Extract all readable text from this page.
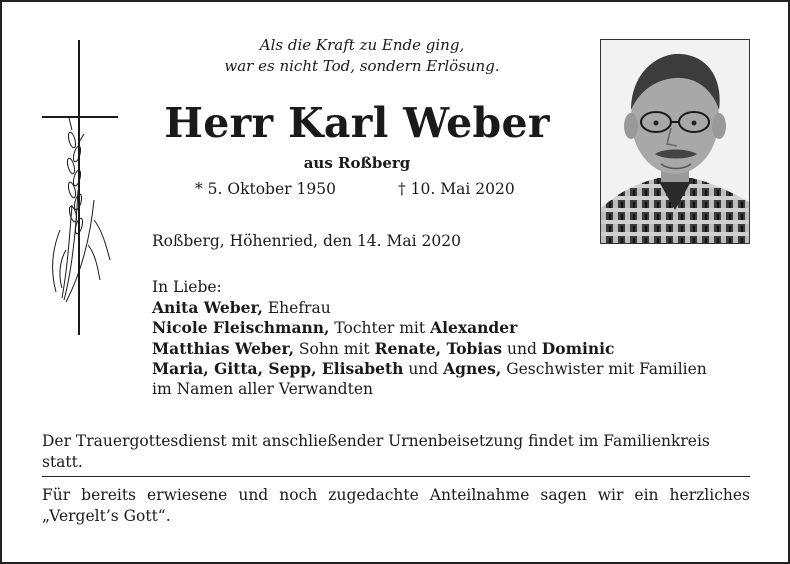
Als die Kraft zu Ende ging,
war es nicht Tod, sondern Erlösung.
Herr Karl Weber
aus Roßberg
* 5. Oktober 1950	† 10. Mai 2020
Roßberg, Höhenried, den 14. Mai 2020
In Liebe:
Anita Weber, Ehefrau
Nicole Fleischmann, Tochter mit Alexander
Matthias Weber, Sohn mit Renate, Tobias und Dominic
Maria, Gitta, Sepp, Elisabeth und Agnes, Geschwister mit Familien
im Namen aller Verwandten
Der Trauergottesdienst mit anschließender Urnenbeisetzung findet im Familienkreis statt.
Für bereits erwiesene und noch zugedachte Anteilnahme sagen wir ein herzliches „Vergelt’s Gott“.
